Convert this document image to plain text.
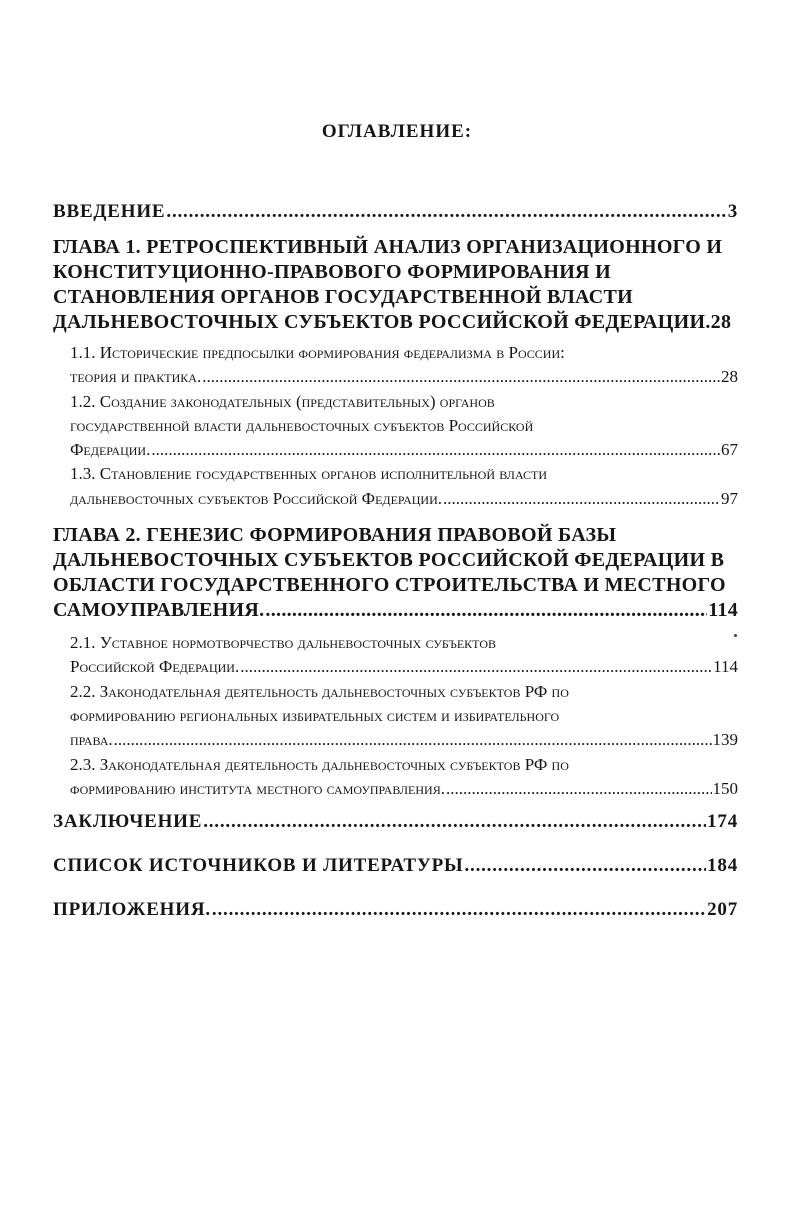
ОГЛАВЛЕНИЕ:
ВВЕДЕНИЕ .....	3
ГЛАВА 1. РЕТРОСПЕКТИВНЫЙ АНАЛИЗ ОРГАНИЗАЦИОННОГО И
КОНСТИТУЦИОННО-ПРАВОВОГО ФОРМИРОВАНИЯ И
СТАНОВЛЕНИЯ ОРГАНОВ ГОСУДАРСТВЕННОЙ ВЛАСТИ
ДАЛЬНЕВОСТОЧНЫХ СУБЪЕКТОВ РОССИЙСКОЙ ФЕДЕРАЦИИ. 28
1.1. Исторические предпосылки формирования федерализма в России:
теория и практика. .....	28
1.2. Создание законодательных (представительных) органов
государственной власти дальневосточных субъектов Российской
Федерации. .....	67
1.3. Становление государственных органов исполнительной власти
дальневосточных субъектов Российской Федерации. .....	97
ГЛАВА 2. ГЕНЕЗИС ФОРМИРОВАНИЯ ПРАВОВОЙ БАЗЫ
ДАЛЬНЕВОСТОЧНЫХ СУБЪЕКТОВ РОССИЙСКОЙ ФЕДЕРАЦИИ В
ОБЛАСТИ ГОСУДАРСТВЕННОГО СТРОИТЕЛЬСТВА И МЕСТНОГО
САМОУПРАВЛЕНИЯ. .....	114
2.1. Уставное нормотворчество дальневосточных субъектов
Российской Федерации. .....	114
2.2. Законодательная деятельность дальневосточных субъектов РФ по
формированию региональных избирательных систем и избирательного
права. .....	139
2.3. Законодательная деятельность дальневосточных субъектов РФ по
формированию института местного самоуправления. .....	150
ЗАКЛЮЧЕНИЕ .....	174
СПИСОК ИСТОЧНИКОВ И ЛИТЕРАТУРЫ .....	184
ПРИЛОЖЕНИЯ. .....	207
